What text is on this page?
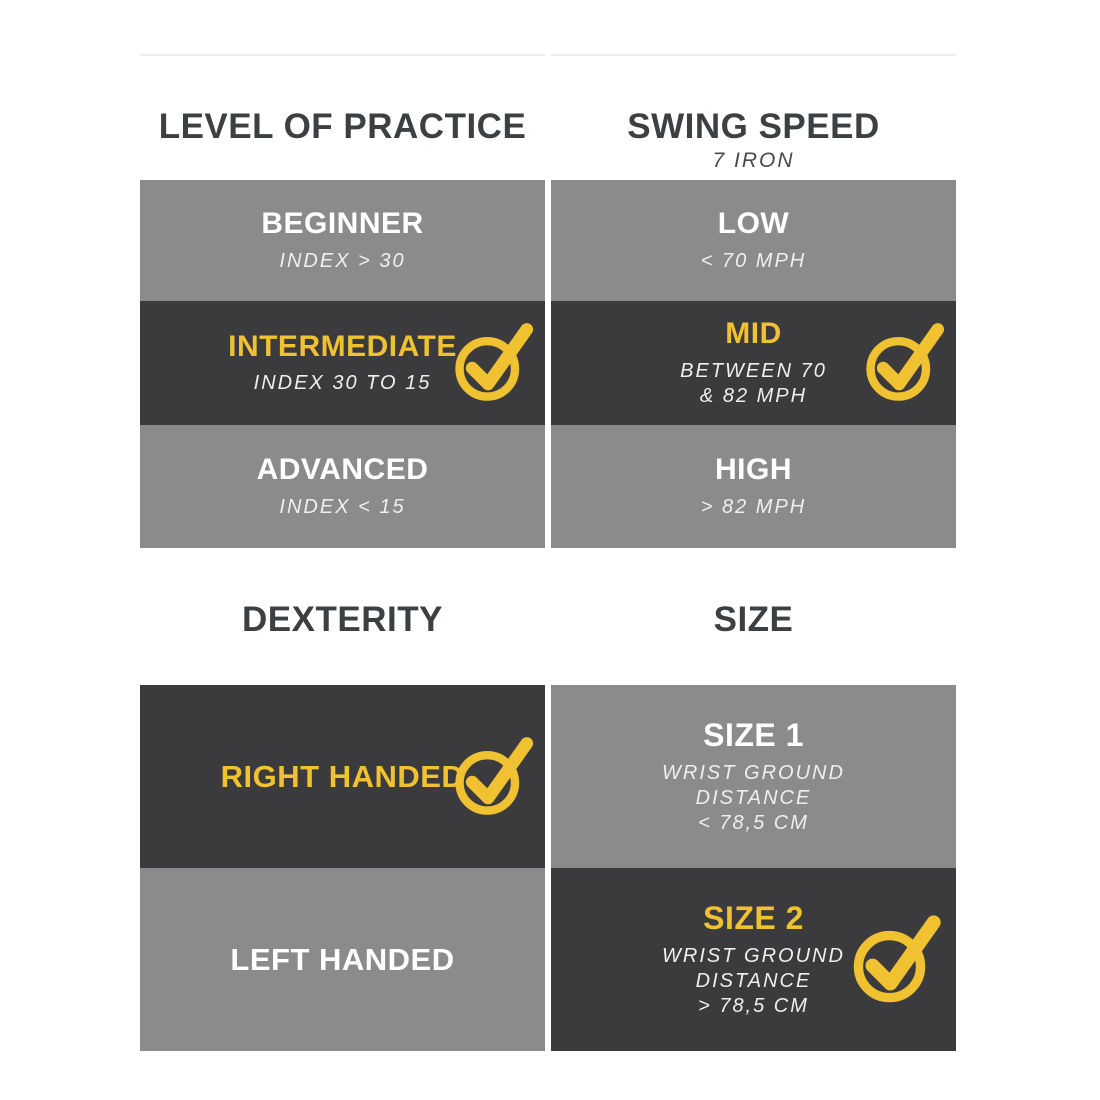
LEVEL OF PRACTICE	SWING SPEED
7 IRON
BEGINNER
INDEX > 30
INTERMEDIATE
INDEX 30 TO 15
ADVANCED
INDEX < 15
LOW
< 70 MPH
MID
BETWEEN 70
& 82 MPH
HIGH
> 82 MPH
DEXTERITY	SIZE
RIGHT HANDED
LEFT HANDED
SIZE 1
WRIST GROUND
DISTANCE
< 78,5 CM
SIZE 2
WRIST GROUND
DISTANCE
> 78,5 CM
